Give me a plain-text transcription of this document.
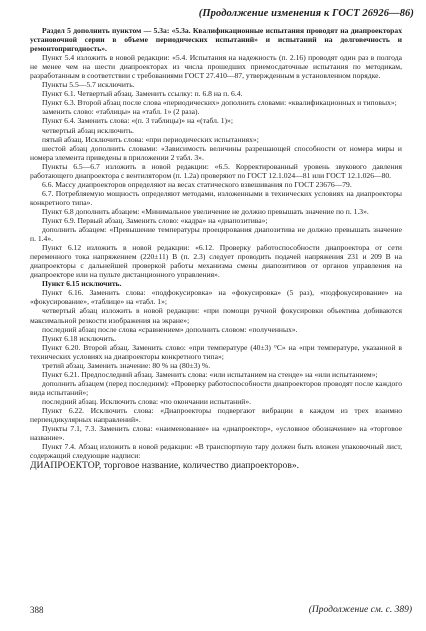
(Продолжение изменения к ГОСТ 26926—86)

Раздел 5 дополнить пунктом — 5.3а: «5.3а. Квалификационные испытания проводят на диапроекторах установочной серии в объеме периодических испытаний» и испытаний на долговечность и ремонтопригодность».

Пункт 5.4 изложить в новой редакции: «5.4. Испытания на надежность (п. 2.16) проводят один раз в полгода не менее чем на шести диапроекторах из числа прошедших приемосдаточные испытания по методикам, разработанным в соответствии с требованиями ГОСТ 27.410—87, утвержденным в установленном порядке.

Пункты 5.5—5.7 исключить.

Пункт 6.1. Четвертый абзац. Заменить ссылку: п. 6.8 на п. 6.4.

Пункт 6.3. Второй абзац после слова «периодических» дополнить словами: «квалификационных и типовых»;

заменить слово: «таблицы» на «табл. 1» (2 раза).

Пункт 6.4. Заменить слова: «(п. 3 таблицы)» на «(табл. 1)»;

четвертый абзац исключить.

пятый абзац. Исключить слова: «при периодических испытаниях»;

шестой абзац дополнить словами: «Зависимость величины разрешающей способности от номера миры и номера элемента приведены в приложении 2 табл. 3».

Пункты 6.5—6.7 изложить в новой редакции: «6.5. Корректированный уровень звукового давления работающего диапроектора с вентилятором (п. 1.2а) проверяют по ГОСТ 12.1.024—81 или ГОСТ 12.1.026—80.

6.6. Массу диапроекторов определяют на весах статического взвешивания по ГОСТ 23676—79.

6.7. Потребляемую мощность определяют методами, изложенными в технических условиях на диапроекторы конкретного типа».

Пункт 6.8 дополнить абзацем: «Минимальное увеличение не должно превышать значение по п. 1.3».

Пункт 6.9. Первый абзац. Заменить слово: «кадра» на «диапозитива»;

дополнить абзацем: «Превышение температуры проецирования диапозитива не должно превышать значение п. 1.4».

Пункт 6.12 изложить в новой редакции: «6.12. Проверку работоспособности диапроектора от сети переменного тока напряжением (220±11) В (п. 2.3) следует проводить подачей напряжения 231 и 209 В на диапроекторы с дальнейшей проверкой работы механизма смены диапозитивов от органов управления на диапроекторе или на пульте дистанционного управления».

Пункт 6.15 исключить.

Пункт 6.16. Заменить слова: «подфокусировка» на «фокусировка» (5 раз), «подфокусирование» на «фокусирование», «таблице» на «табл. 1»;

четвертый абзац изложить в новой редакции: «при помощи ручной фокусировки объектива добиваются максимальной резкости изображения на экране»;

последний абзац после слова «сравнением» дополнить словом: «полученных».

Пункт 6.18 исключить.

Пункт 6.20. Второй абзац. Заменить слово: «при температуре (40±3) °С» на «при температуре, указанной в технических условиях на диапроекторы конкретного типа»;

третий абзац. Заменить значение: 80 % на (80±3) %.

Пункт 6.21. Предпоследний абзац. Заменить слова: «или испытанием на стенде» на «или испытанием»;

дополнить абзацем (перед последним): «Проверку работоспособности диапроекторов проводят после каждого вида испытаний»;

последний абзац. Исключить слова: «по окончании испытаний».

Пункт 6.22. Исключить слова: «Диапроекторы подвергают вибрации в каждом из трех взаимно перпендикулярных направлений».

Пункты 7.1, 7.3. Заменить слова: «наименование» на «диапроектор», «условное обозначение» на «торговое название».

Пункт 7.4. Абзац изложить в новой редакции: «В транспортную тару должен быть вложен упаковочный лист, содержащий следующие надписи:

ДИАПРОЕКТОР, торговое название, количество диапроекторов».

388	(Продолжение см. с. 389)
